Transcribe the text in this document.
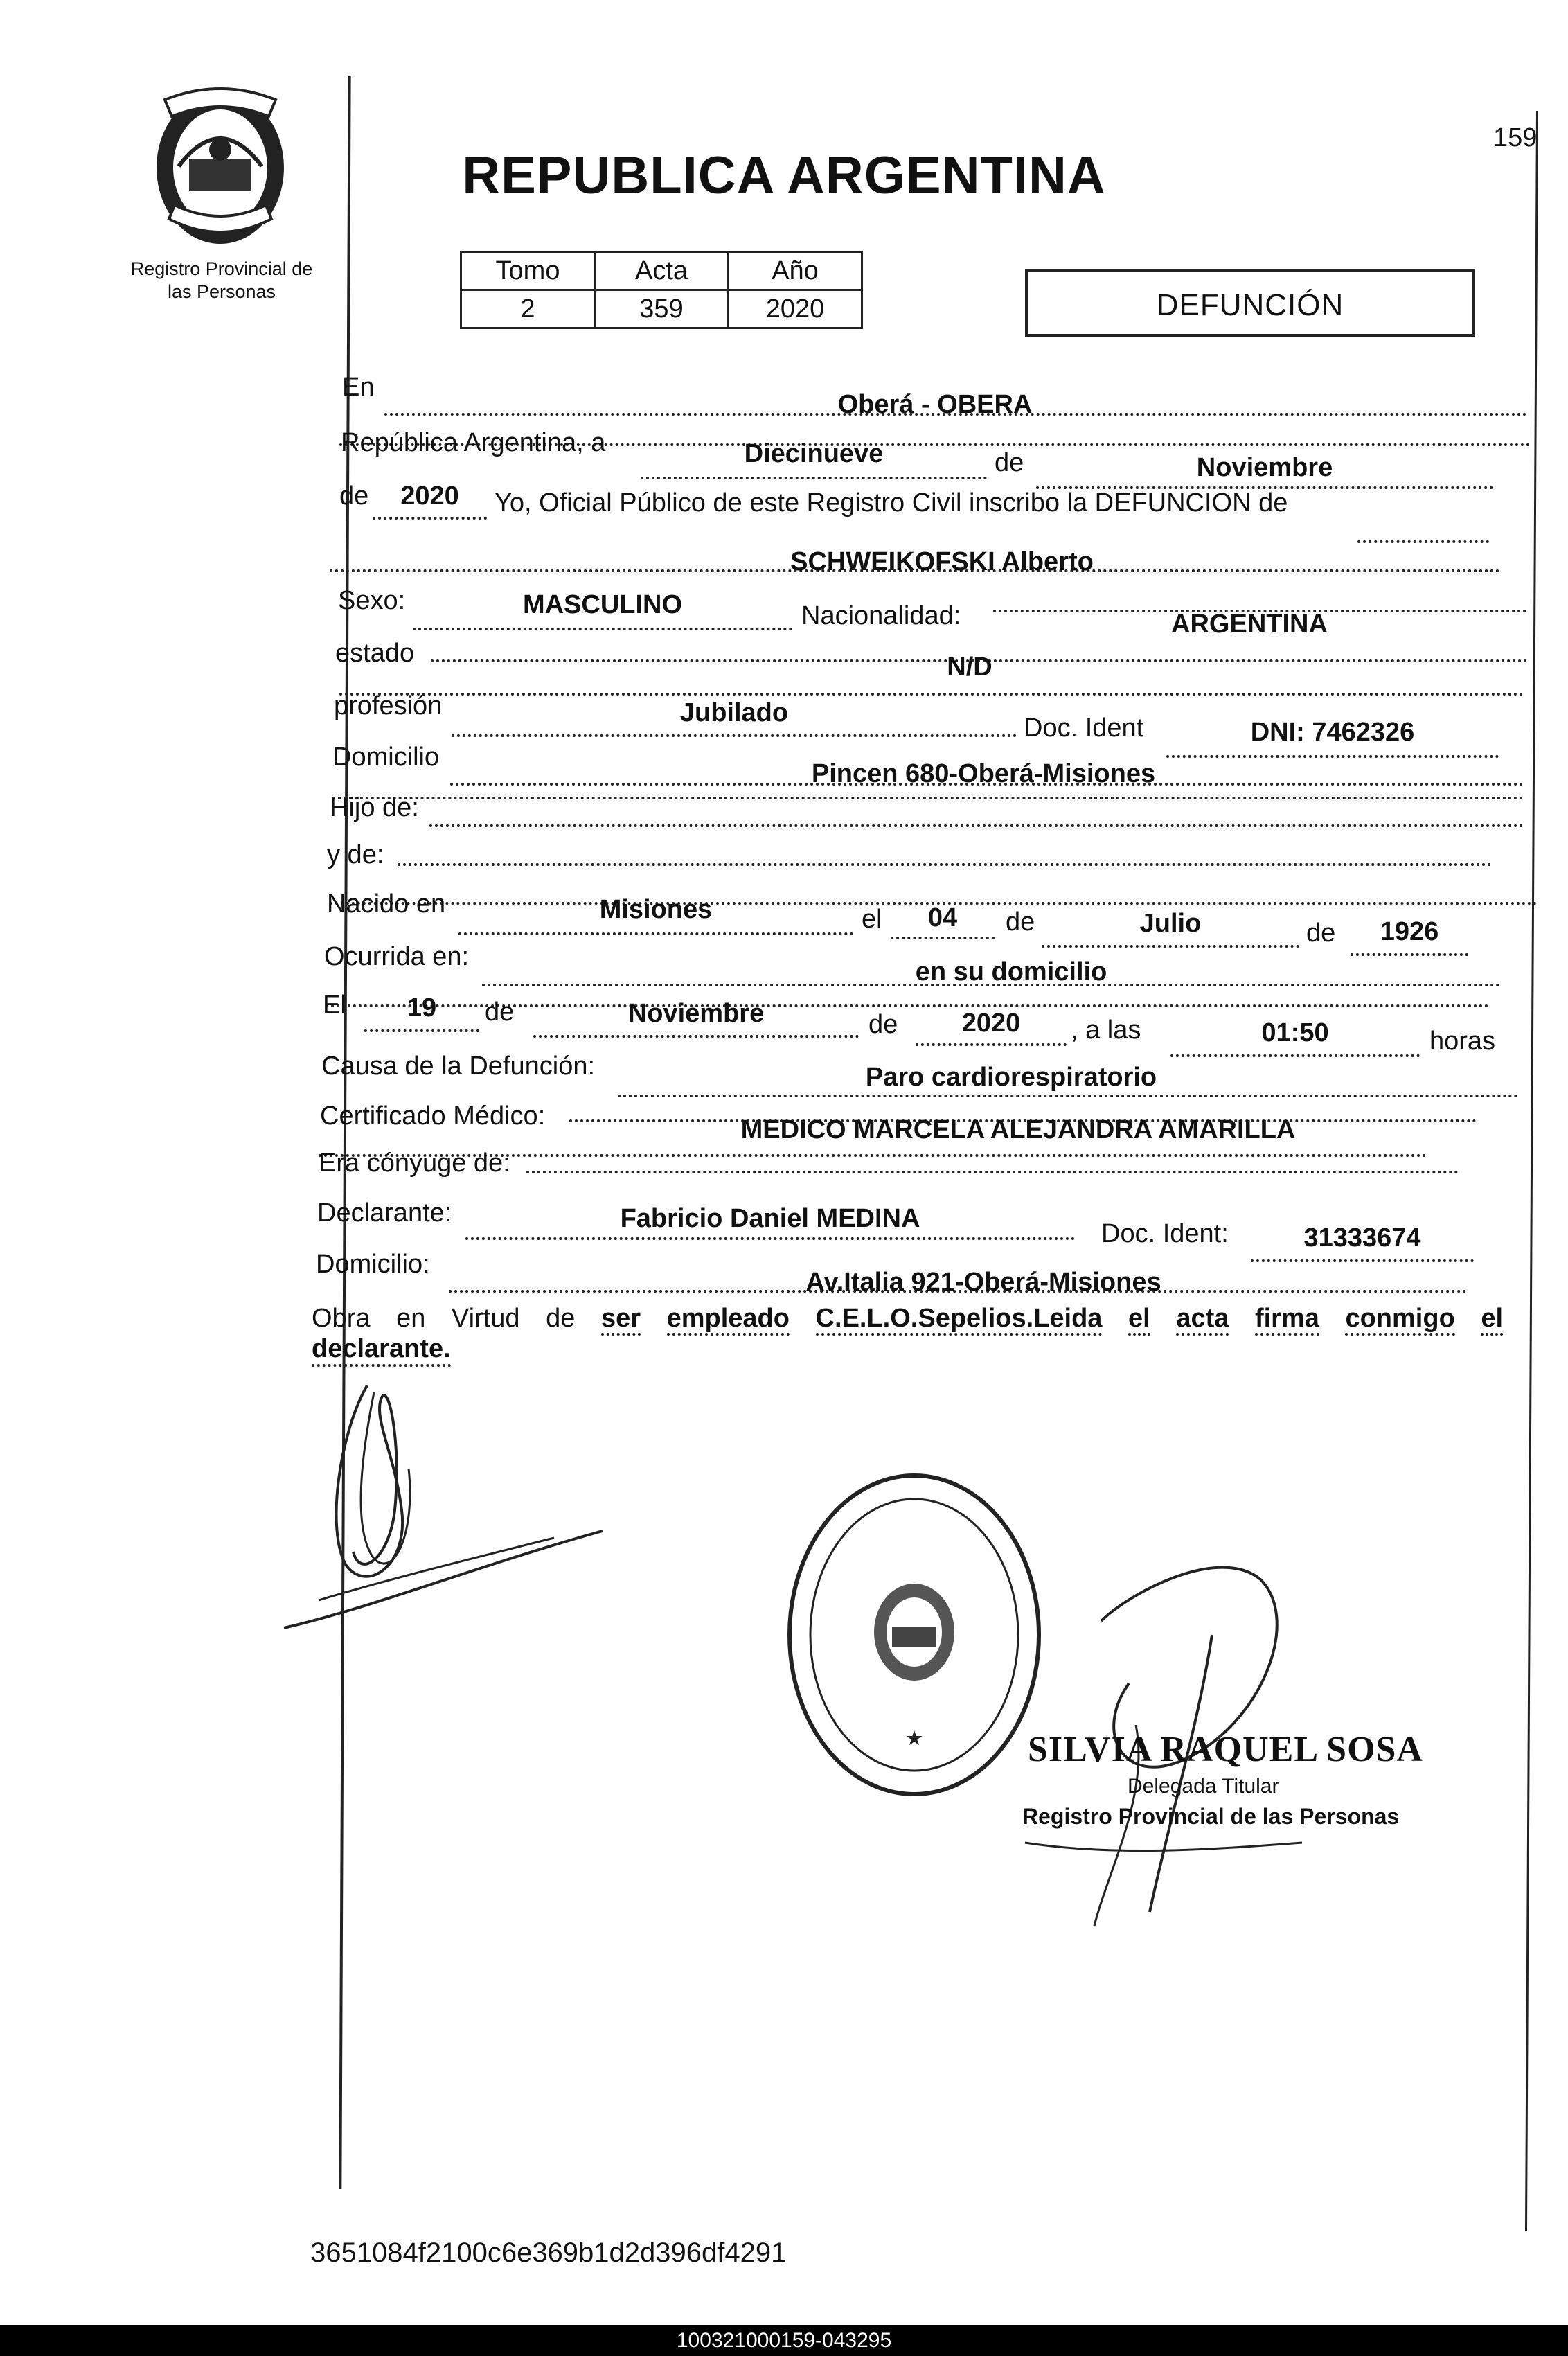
159
REPUBLICA ARGENTINA
Registro Provincial de las Personas
Tomo	Acta	Año
2	359	2020	DEFUNCIÓN
En
Oberá - OBERA
República Argentina, a	Diecinueve	de	Noviembre
de	2020	Yo, Oficial Público de este Registro Civil inscribo la DEFUNCION de
SCHWEIKOFSKI Alberto
Sexo:	MASCULINO	Nacionalidad:	ARGENTINA
estado	N/D
profesión	Jubilado
Doc. Ident	DNI: 7462326
Domicilio
Pincen 680-Oberá-Misiones
Hijo de:
y de:
Nacido en	Misiones	el	04	de	Julio	de	1926
Ocurrida en:
en su domicilio
El	19	de	Noviembre	de	2020	, a las	01:50	horas
Causa de la Defunción:	Paro cardiorespiratorio
Certificado Médico:	MEDICO MARCELA ALEJANDRA AMARILLA
Era cónyuge de:
Declarante:	Fabricio Daniel MEDINA
Doc. Ident:	31333674
Domicilio:
Av.Italia 921-Oberá-Misiones
Obra en Virtud de ser empleado C.E.L.O.Sepelios.Leida el acta firma conmigo el
declarante.
★	SILVIA RAQUEL SOSA
Delegada Titular
Registro Provincial de las Personas
3651084f2100c6e369b1d2d396df4291
100321000159-043295
